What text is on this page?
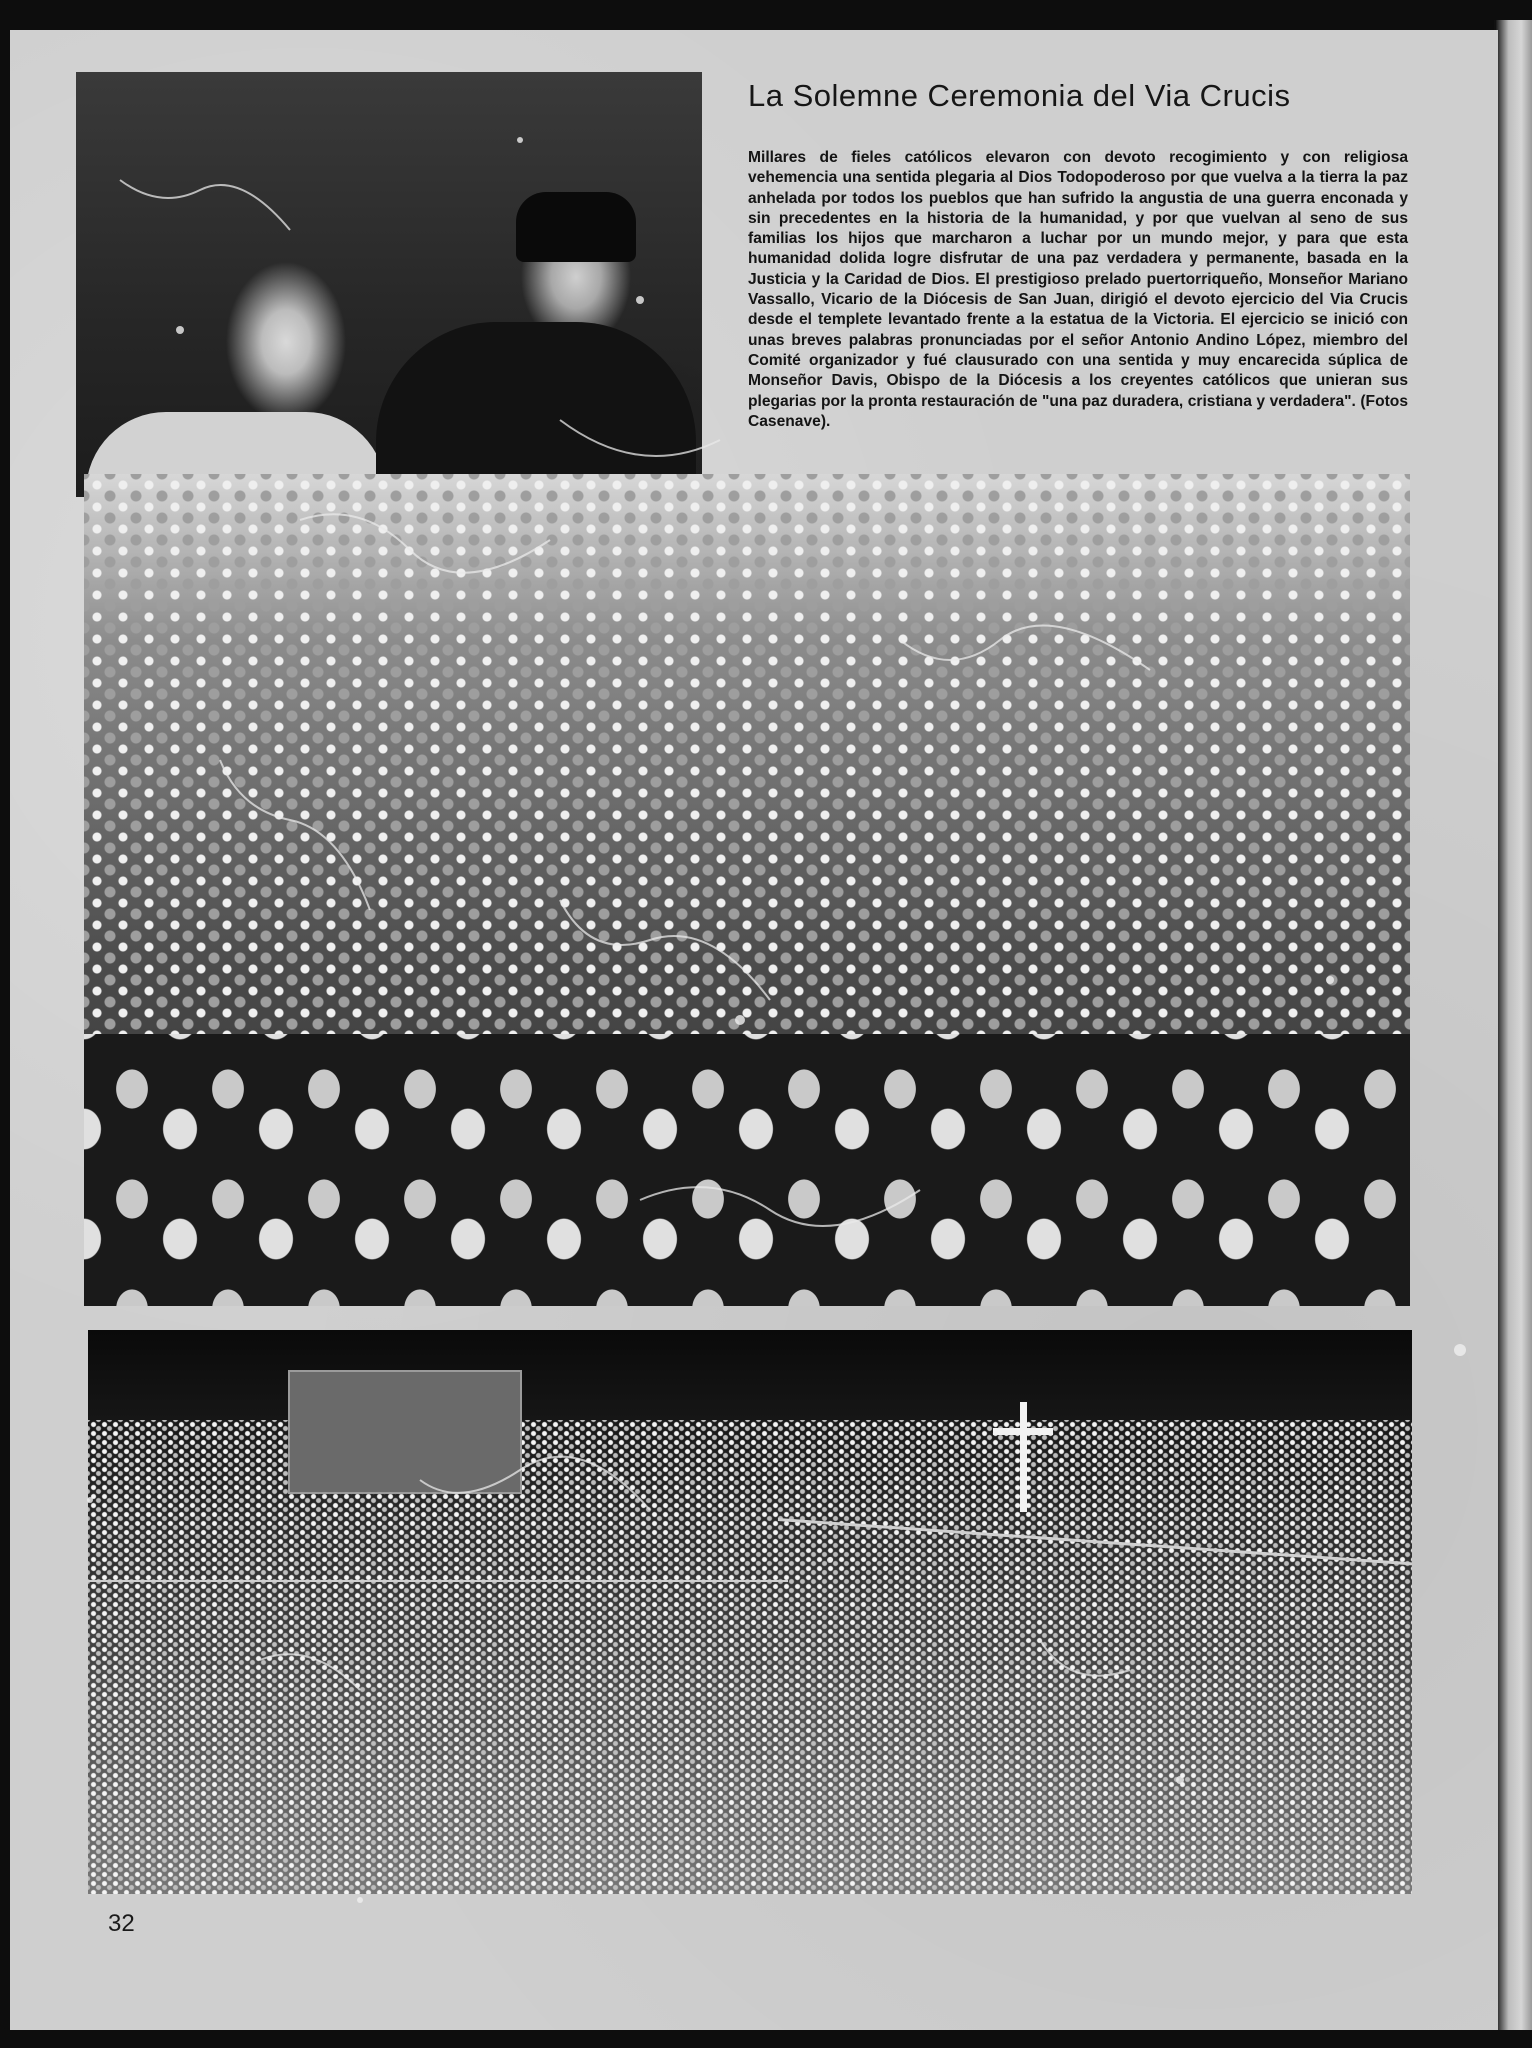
La Solemne Ceremonia del Via Crucis

Millares de fieles católicos elevaron con devoto recogimiento y con religiosa vehemencia una sentida plegaria al Dios Todopoderoso por que vuelva a la tierra la paz anhelada por todos los pueblos que han sufrido la angustia de una guerra enconada y sin precedentes en la historia de la humanidad, y por que vuelvan al seno de sus familias los hijos que marcharon a luchar por un mundo mejor, y para que esta humanidad dolida logre disfrutar de una paz verdadera y permanente, basada en la Justicia y la Caridad de Dios. El prestigioso prelado puertorriqueño, Monseñor Mariano Vassallo, Vicario de la Diócesis de San Juan, dirigió el devoto ejercicio del Via Crucis desde el templete levantado frente a la estatua de la Victoria. El ejercicio se inició con unas breves palabras pronunciadas por el señor Antonio Andino López, miembro del Comité organizador y fué clausurado con una sentida y muy encarecida súplica de Monseñor Davis, Obispo de la Diócesis a los creyentes católicos que unieran sus plegarias por la pronta restauración de "una paz duradera, cristiana y verdadera". (Fotos Casenave).

32
